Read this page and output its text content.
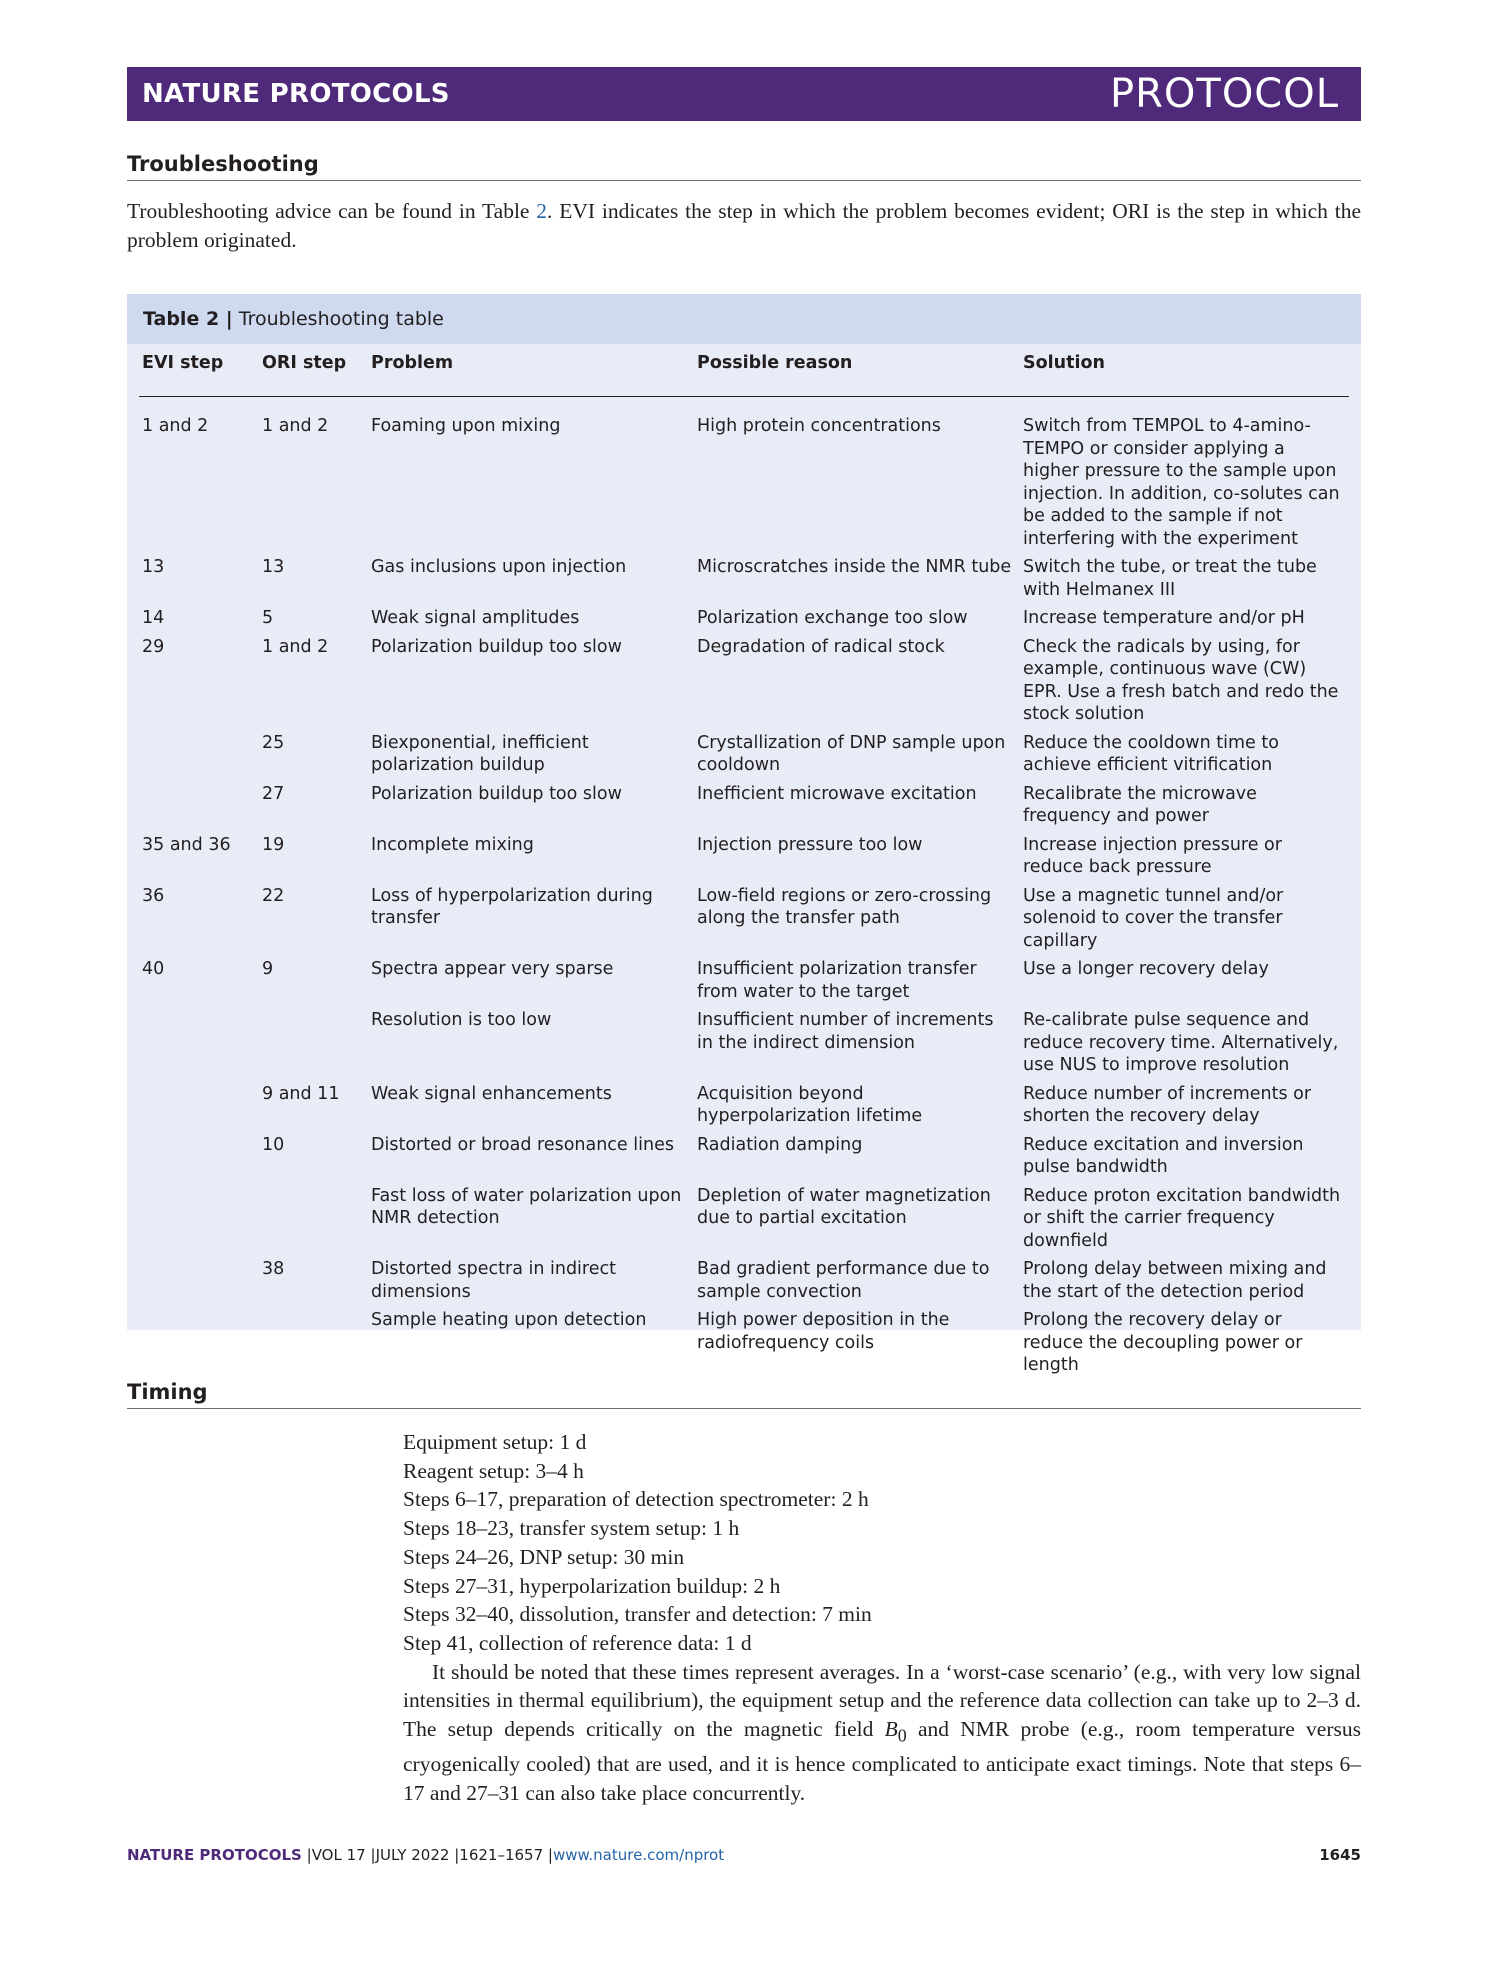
NATURE PROTOCOLS	PROTOCOL
Troubleshooting
Troubleshooting advice can be found in Table 2. EVI indicates the step in which the problem becomes evident; ORI is the step in which the problem originated.
Table 2 | Troubleshooting table
EVI step	ORI step	Problem	Possible reason	Solution
1 and 2	1 and 2	Foaming upon mixing	High protein concentrations	Switch from TEMPOL to 4-amino-TEMPO or consider applying a higher pressure to the sample upon injection. In addition, co-solutes can be added to the sample if not interfering with the experiment
13	13	Gas inclusions upon injection	Microscratches inside the NMR tube	Switch the tube, or treat the tube with Helmanex III
14	5	Weak signal amplitudes	Polarization exchange too slow	Increase temperature and/or pH
29	1 and 2	Polarization buildup too slow	Degradation of radical stock	Check the radicals by using, for example, continuous wave (CW) EPR. Use a fresh batch and redo the stock solution
	25	Biexponential, inefficient polarization buildup	Crystallization of DNP sample upon cooldown	Reduce the cooldown time to achieve efficient vitrification
	27	Polarization buildup too slow	Inefficient microwave excitation	Recalibrate the microwave frequency and power
35 and 36	19	Incomplete mixing	Injection pressure too low	Increase injection pressure or reduce back pressure
36	22	Loss of hyperpolarization during transfer	Low-field regions or zero-crossing along the transfer path	Use a magnetic tunnel and/or solenoid to cover the transfer capillary
40	9	Spectra appear very sparse	Insufficient polarization transfer from water to the target	Use a longer recovery delay
		Resolution is too low	Insufficient number of increments in the indirect dimension	Re-calibrate pulse sequence and reduce recovery time. Alternatively, use NUS to improve resolution
	9 and 11	Weak signal enhancements	Acquisition beyond hyperpolarization lifetime	Reduce number of increments or shorten the recovery delay
	10	Distorted or broad resonance lines	Radiation damping	Reduce excitation and inversion pulse bandwidth
		Fast loss of water polarization upon NMR detection	Depletion of water magnetization due to partial excitation	Reduce proton excitation bandwidth or shift the carrier frequency downfield
	38	Distorted spectra in indirect dimensions	Bad gradient performance due to sample convection	Prolong delay between mixing and the start of the detection period
		Sample heating upon detection	High power deposition in the radiofrequency coils	Prolong the recovery delay or reduce the decoupling power or length
Timing
Equipment setup: 1 d
Reagent setup: 3–4 h
Steps 6–17, preparation of detection spectrometer: 2 h
Steps 18–23, transfer system setup: 1 h
Steps 24–26, DNP setup: 30 min
Steps 27–31, hyperpolarization buildup: 2 h
Steps 32–40, dissolution, transfer and detection: 7 min
Step 41, collection of reference data: 1 d
It should be noted that these times represent averages. In a ‘worst-case scenario’ (e.g., with very low signal intensities in thermal equilibrium), the equipment setup and the reference data collection can take up to 2–3 d. The setup depends critically on the magnetic field $B_0$ and NMR probe (e.g., room temperature versus cryogenically cooled) that are used, and it is hence complicated to anticipate exact timings. Note that steps 6–17 and 27–31 can also take place concurrently.
NATURE PROTOCOLS |VOL 17 |JULY 2022 |1621–1657 |www.nature.com/nprot	1645
